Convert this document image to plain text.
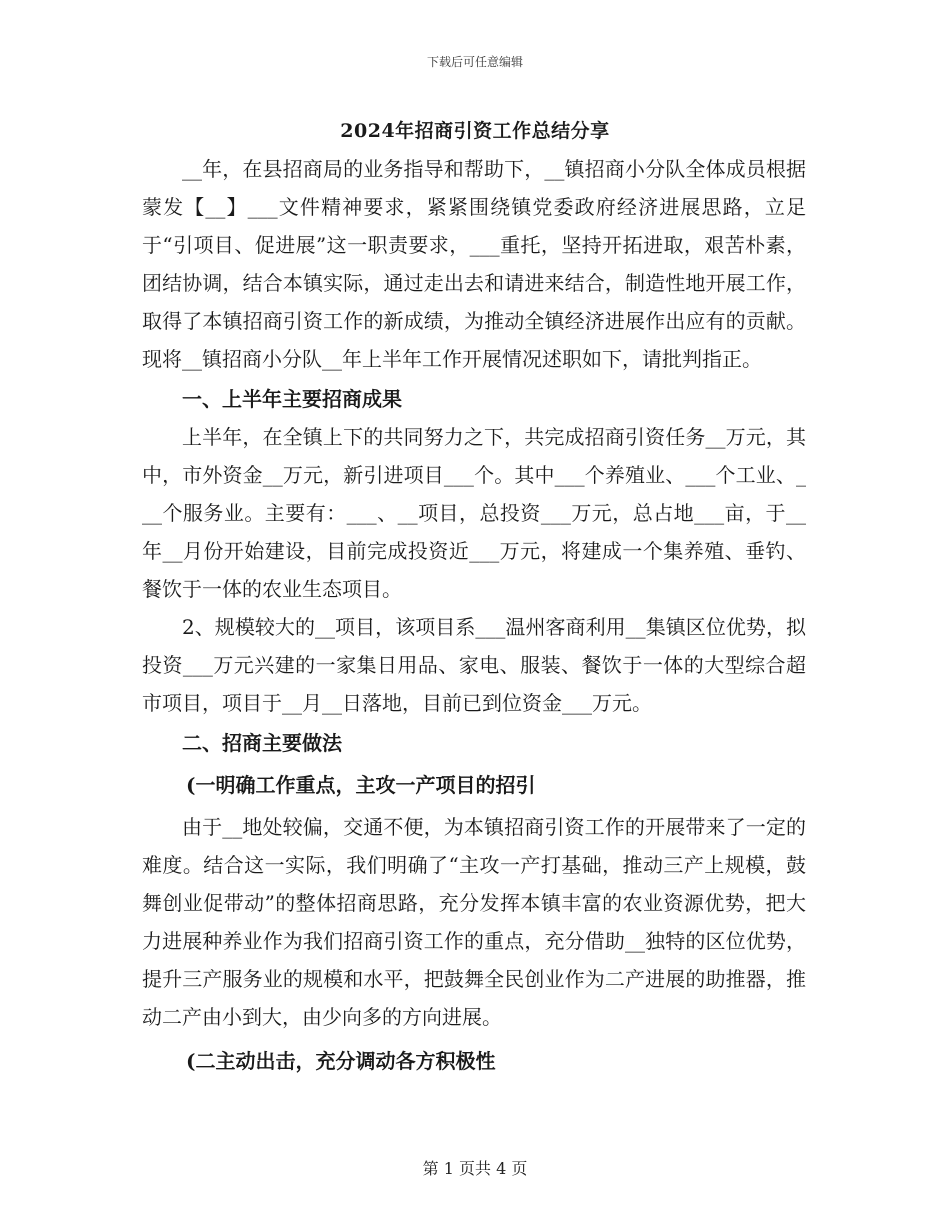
下载后可任意编辑
2024年招商引资工作总结分享

__年，在县招商局的业务指导和帮助下，__镇招商小分队全体成员根据蒙发【__】___文件精神要求，紧紧围绕镇党委政府经济进展思路，立足于“引项目、促进展”这一职责要求，___重托，坚持开拓进取，艰苦朴素，团结协调，结合本镇实际，通过走出去和请进来结合，制造性地开展工作，取得了本镇招商引资工作的新成绩，为推动全镇经济进展作出应有的贡献。现将__镇招商小分队__年上半年工作开展情况述职如下，请批判指正。

一、上半年主要招商成果

上半年，在全镇上下的共同努力之下，共完成招商引资任务__万元，其中，市外资金__万元，新引进项目___个。其中___个养殖业、___个工业、___个服务业。主要有：___、__项目，总投资___万元，总占地___亩，于__年__月份开始建设，目前完成投资近___万元，将建成一个集养殖、垂钓、餐饮于一体的农业生态项目。

2、规模较大的__项目，该项目系___温州客商利用__集镇区位优势，拟投资___万元兴建的一家集日用品、家电、服装、餐饮于一体的大型综合超市项目，项目于__月__日落地，目前已到位资金___万元。

二、招商主要做法

(一明确工作重点，主攻一产项目的招引

由于__地处较偏，交通不便，为本镇招商引资工作的开展带来了一定的难度。结合这一实际，我们明确了“主攻一产打基础，推动三产上规模，鼓舞创业促带动”的整体招商思路，充分发挥本镇丰富的农业资源优势，把大力进展种养业作为我们招商引资工作的重点，充分借助__独特的区位优势，提升三产服务业的规模和水平，把鼓舞全民创业作为二产进展的助推器，推动二产由小到大，由少向多的方向进展。

(二主动出击，充分调动各方积极性

第 1 页共 4 页
